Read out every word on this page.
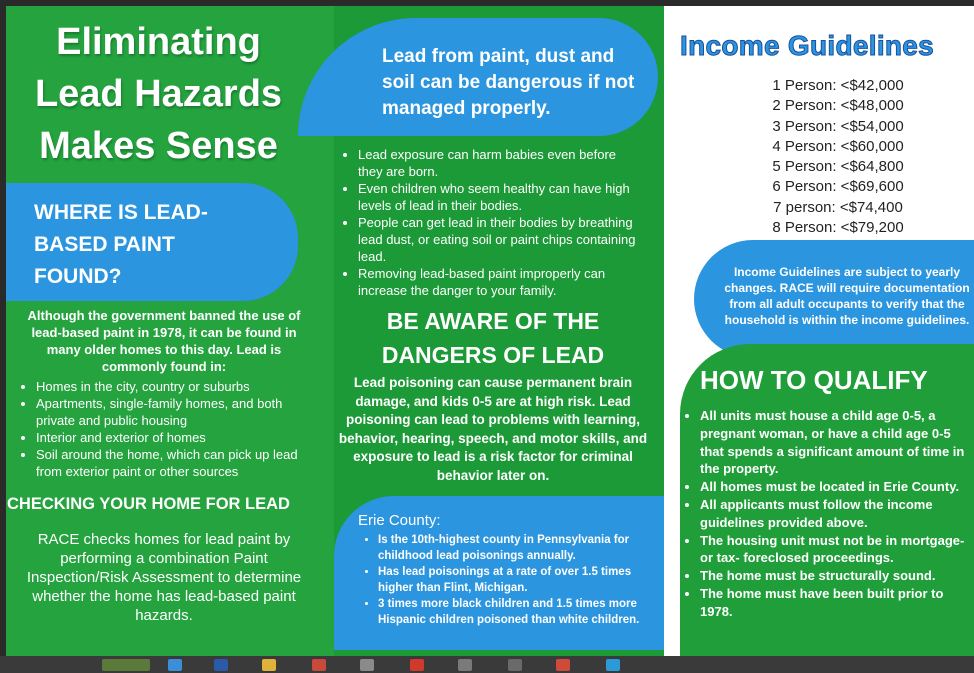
Eliminating
Lead Hazards
Makes Sense
WHERE IS LEAD-
BASED PAINT
FOUND?

Although the government banned the use of lead-based paint in 1978, it can be found in many older homes to this day. Lead is commonly found in:

• Homes in the city, country or suburbs
• Apartments, single-family homes, and both private and public housing
• Interior and exterior of homes
• Soil around the home, which can pick up lead from exterior paint or other sources
CHECKING YOUR HOME FOR LEAD

RACE checks homes for lead paint by performing a combination Paint Inspection/Risk Assessment to determine whether the home has lead-based paint hazards.

Lead from paint, dust and soil can be dangerous if not managed properly.
• Lead exposure can harm babies even before they are born.
• Even children who seem healthy can have high levels of lead in their bodies.
• People can get lead in their bodies by breathing lead dust, or eating soil or paint chips containing lead.
• Removing lead-based paint improperly can increase the danger to your family.
BE AWARE OF THE
DANGERS OF LEAD

Lead poisoning can cause permanent brain damage, and kids 0-5 are at high risk. Lead poisoning can lead to problems with learning, behavior, hearing, speech, and motor skills, and exposure to lead is a risk factor for criminal behavior later on.

Erie County:
• Is the 10th-highest county in Pennsylvania for childhood lead poisonings annually.
• Has lead poisonings at a rate of over 1.5 times higher than Flint, Michigan.
• 3 times more black children and 1.5 times more Hispanic children poisoned than white children.
Income Guidelines
1 Person: <$42,000
2 Person: <$48,000
3 Person: <$54,000
4 Person: <$60,000
5 Person: <$64,800
6 Person: <$69,600
7 person: <$74,400
8 Person: <$79,200
Income Guidelines are subject to yearly changes. RACE will require documentation from all adult occupants to verify that the household is within the income guidelines.
HOW TO QUALIFY
• All units must house a child age 0-5, a pregnant woman, or have a child age 0-5 that spends a significant amount of time in the property.
• All homes must be located in Erie County.
• All applicants must follow the income guidelines provided above.
• The housing unit must not be in mortgage- or tax- foreclosed proceedings.
• The home must be structurally sound.
• The home must have been built prior to 1978.
